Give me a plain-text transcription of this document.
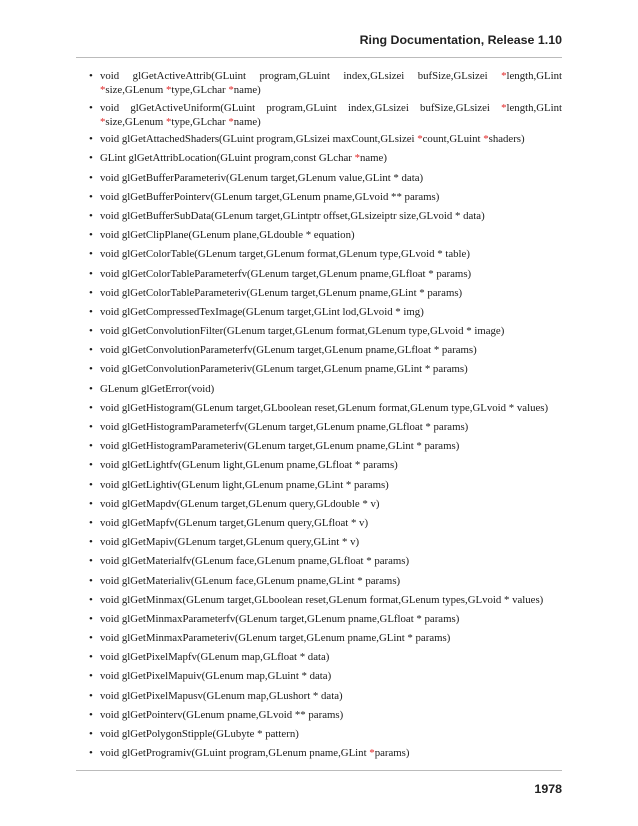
Ring Documentation, Release 1.10
• void glGetActiveAttrib(GLuint program,GLuint index,GLsizei bufSize,GLsizei *length,GLint *size,GLenum *type,GLchar *name)
• void glGetActiveUniform(GLuint program,GLuint index,GLsizei bufSize,GLsizei *length,GLint *size,GLenum *type,GLchar *name)
• void glGetAttachedShaders(GLuint program,GLsizei maxCount,GLsizei *count,GLuint *shaders)
• GLint glGetAttribLocation(GLuint program,const GLchar *name)
• void glGetBufferParameteriv(GLenum target,GLenum value,GLint * data)
• void glGetBufferPointerv(GLenum target,GLenum pname,GLvoid ** params)
• void glGetBufferSubData(GLenum target,GLintptr offset,GLsizeiptr size,GLvoid * data)
• void glGetClipPlane(GLenum plane,GLdouble * equation)
• void glGetColorTable(GLenum target,GLenum format,GLenum type,GLvoid * table)
• void glGetColorTableParameterfv(GLenum target,GLenum pname,GLfloat * params)
• void glGetColorTableParameteriv(GLenum target,GLenum pname,GLint * params)
• void glGetCompressedTexImage(GLenum target,GLint lod,GLvoid * img)
• void glGetConvolutionFilter(GLenum target,GLenum format,GLenum type,GLvoid * image)
• void glGetConvolutionParameterfv(GLenum target,GLenum pname,GLfloat * params)
• void glGetConvolutionParameteriv(GLenum target,GLenum pname,GLint * params)
• GLenum glGetError(void)
• void glGetHistogram(GLenum target,GLboolean reset,GLenum format,GLenum type,GLvoid * values)
• void glGetHistogramParameterfv(GLenum target,GLenum pname,GLfloat * params)
• void glGetHistogramParameteriv(GLenum target,GLenum pname,GLint * params)
• void glGetLightfv(GLenum light,GLenum pname,GLfloat * params)
• void glGetLightiv(GLenum light,GLenum pname,GLint * params)
• void glGetMapdv(GLenum target,GLenum query,GLdouble * v)
• void glGetMapfv(GLenum target,GLenum query,GLfloat * v)
• void glGetMapiv(GLenum target,GLenum query,GLint * v)
• void glGetMaterialfv(GLenum face,GLenum pname,GLfloat * params)
• void glGetMaterialiv(GLenum face,GLenum pname,GLint * params)
• void glGetMinmax(GLenum target,GLboolean reset,GLenum format,GLenum types,GLvoid * values)
• void glGetMinmaxParameterfv(GLenum target,GLenum pname,GLfloat * params)
• void glGetMinmaxParameteriv(GLenum target,GLenum pname,GLint * params)
• void glGetPixelMapfv(GLenum map,GLfloat * data)
• void glGetPixelMapuiv(GLenum map,GLuint * data)
• void glGetPixelMapusv(GLenum map,GLushort * data)
• void glGetPointerv(GLenum pname,GLvoid ** params)
• void glGetPolygonStipple(GLubyte * pattern)
• void glGetProgramiv(GLuint program,GLenum pname,GLint *params)
1978
